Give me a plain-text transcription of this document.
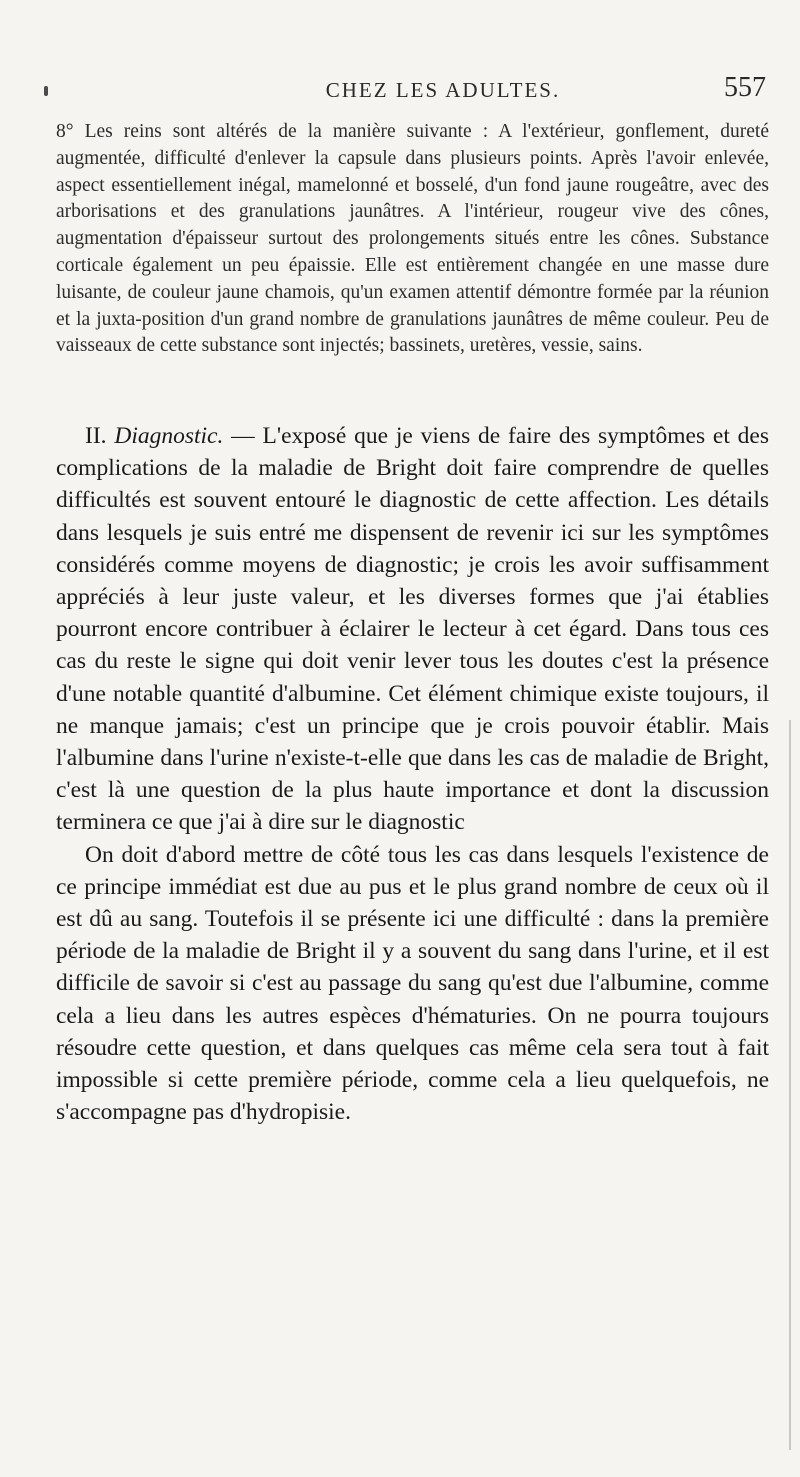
CHEZ LES ADULTES.	557

8° Les reins sont altérés de la manière suivante : A l'extérieur, gonflement, dureté augmentée, difficulté d'enlever la capsule dans plusieurs points. Après l'avoir enlevée, aspect essentiellement inégal, mamelonné et bosselé, d'un fond jaune rougeâtre, avec des arborisations et des granulations jaunâtres. A l'intérieur, rougeur vive des cônes, augmentation d'épaisseur surtout des prolongements situés entre les cônes. Substance corticale également un peu épaissie. Elle est entièrement changée en une masse dure luisante, de couleur jaune chamois, qu'un examen attentif démontre formée par la réunion et la juxta-position d'un grand nombre de granulations jaunâtres de même couleur. Peu de vaisseaux de cette substance sont injectés; bassinets, uretères, vessie, sains.

II. Diagnostic. — L'exposé que je viens de faire des symptômes et des complications de la maladie de Bright doit faire comprendre de quelles difficultés est souvent entouré le diagnostic de cette affection. Les détails dans lesquels je suis entré me dispensent de revenir ici sur les symptômes considérés comme moyens de diagnostic; je crois les avoir suffisamment appréciés à leur juste valeur, et les diverses formes que j'ai établies pourront encore contribuer à éclairer le lecteur à cet égard. Dans tous ces cas du reste le signe qui doit venir lever tous les doutes c'est la présence d'une notable quantité d'albumine. Cet élément chimique existe toujours, il ne manque jamais; c'est un principe que je crois pouvoir établir. Mais l'albumine dans l'urine n'existe-t-elle que dans les cas de maladie de Bright, c'est là une question de la plus haute importance et dont la discussion terminera ce que j'ai à dire sur le diagnostic

On doit d'abord mettre de côté tous les cas dans lesquels l'existence de ce principe immédiat est due au pus et le plus grand nombre de ceux où il est dû au sang. Toutefois il se présente ici une difficulté : dans la première période de la maladie de Bright il y a souvent du sang dans l'urine, et il est difficile de savoir si c'est au passage du sang qu'est due l'albumine, comme cela a lieu dans les autres espèces d'hématuries. On ne pourra toujours résoudre cette question, et dans quelques cas même cela sera tout à fait impossible si cette première période, comme cela a lieu quelquefois, ne s'accompagne pas d'hydropisie.
